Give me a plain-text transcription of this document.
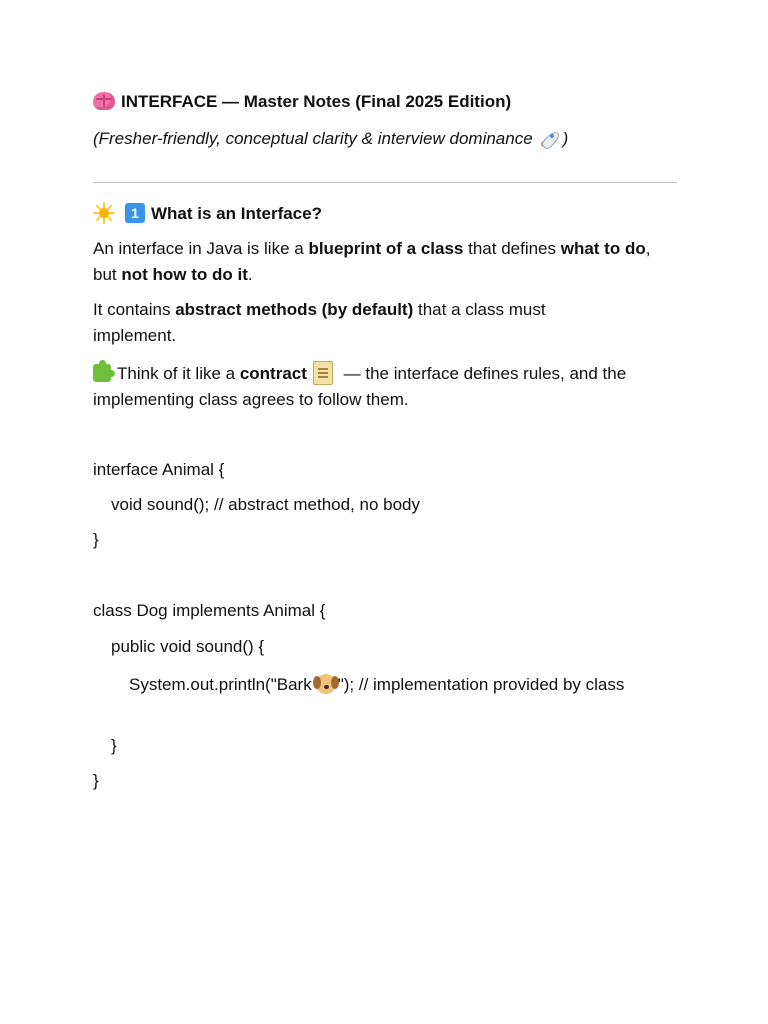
INTERFACE — Master Notes (Final 2025 Edition)
(Fresher-friendly, conceptual clarity & interview dominance )
1 What is an Interface?
An interface in Java is like a blueprint of a class that defines what to do, but not how to do it.
It contains abstract methods (by default) that a class must implement.
Think of it like a contract — the interface defines rules, and the implementing class agrees to follow them.
interface Animal {
void sound(); // abstract method, no body
}
class Dog implements Animal {
public void sound() {
System.out.println("Bark "); // implementation provided by class
}
}
